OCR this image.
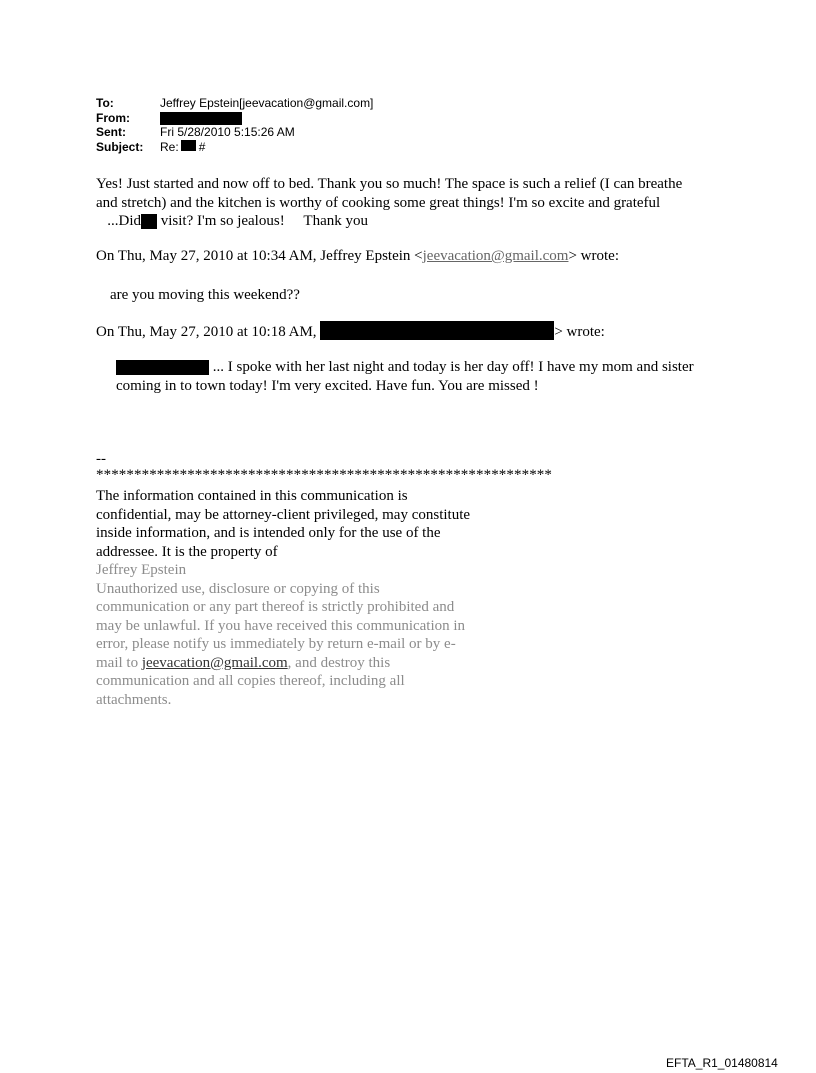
To:	Jeffrey Epstein[jeevacation@gmail.com]
From:
Sent:	Fri 5/28/2010 5:15:26 AM
Subject:	Re: #
Yes! Just started and now off to bed. Thank you so much! The space is such a relief (I can breathe and stretch) and the kitchen is worthy of cooking some great things! I'm so excite and grateful    ...Did visit? I'm so jealous!     Thank you
On Thu, May 27, 2010 at 10:34 AM, Jeffrey Epstein <jeevacation@gmail.com> wrote:
are you moving this weekend??
On Thu, May 27, 2010 at 10:18 AM,	> wrote:
... I spoke with her last night and today is her day off! I have my mom and sister coming in to town today! I'm very excited. Have fun. You are missed !
--
************************************************************
The information contained in this communication is confidential, may be attorney-client privileged, may constitute inside information, and is intended only for the use of the addressee. It is the property of
Jeffrey Epstein
Unauthorized use, disclosure or copying of this communication or any part thereof is strictly prohibited and may be unlawful. If you have received this communication in error, please notify us immediately by return e-mail or by e-mail to jeevacation@gmail.com, and destroy this communication and all copies thereof, including all attachments.
EFTA_R1_01480814
